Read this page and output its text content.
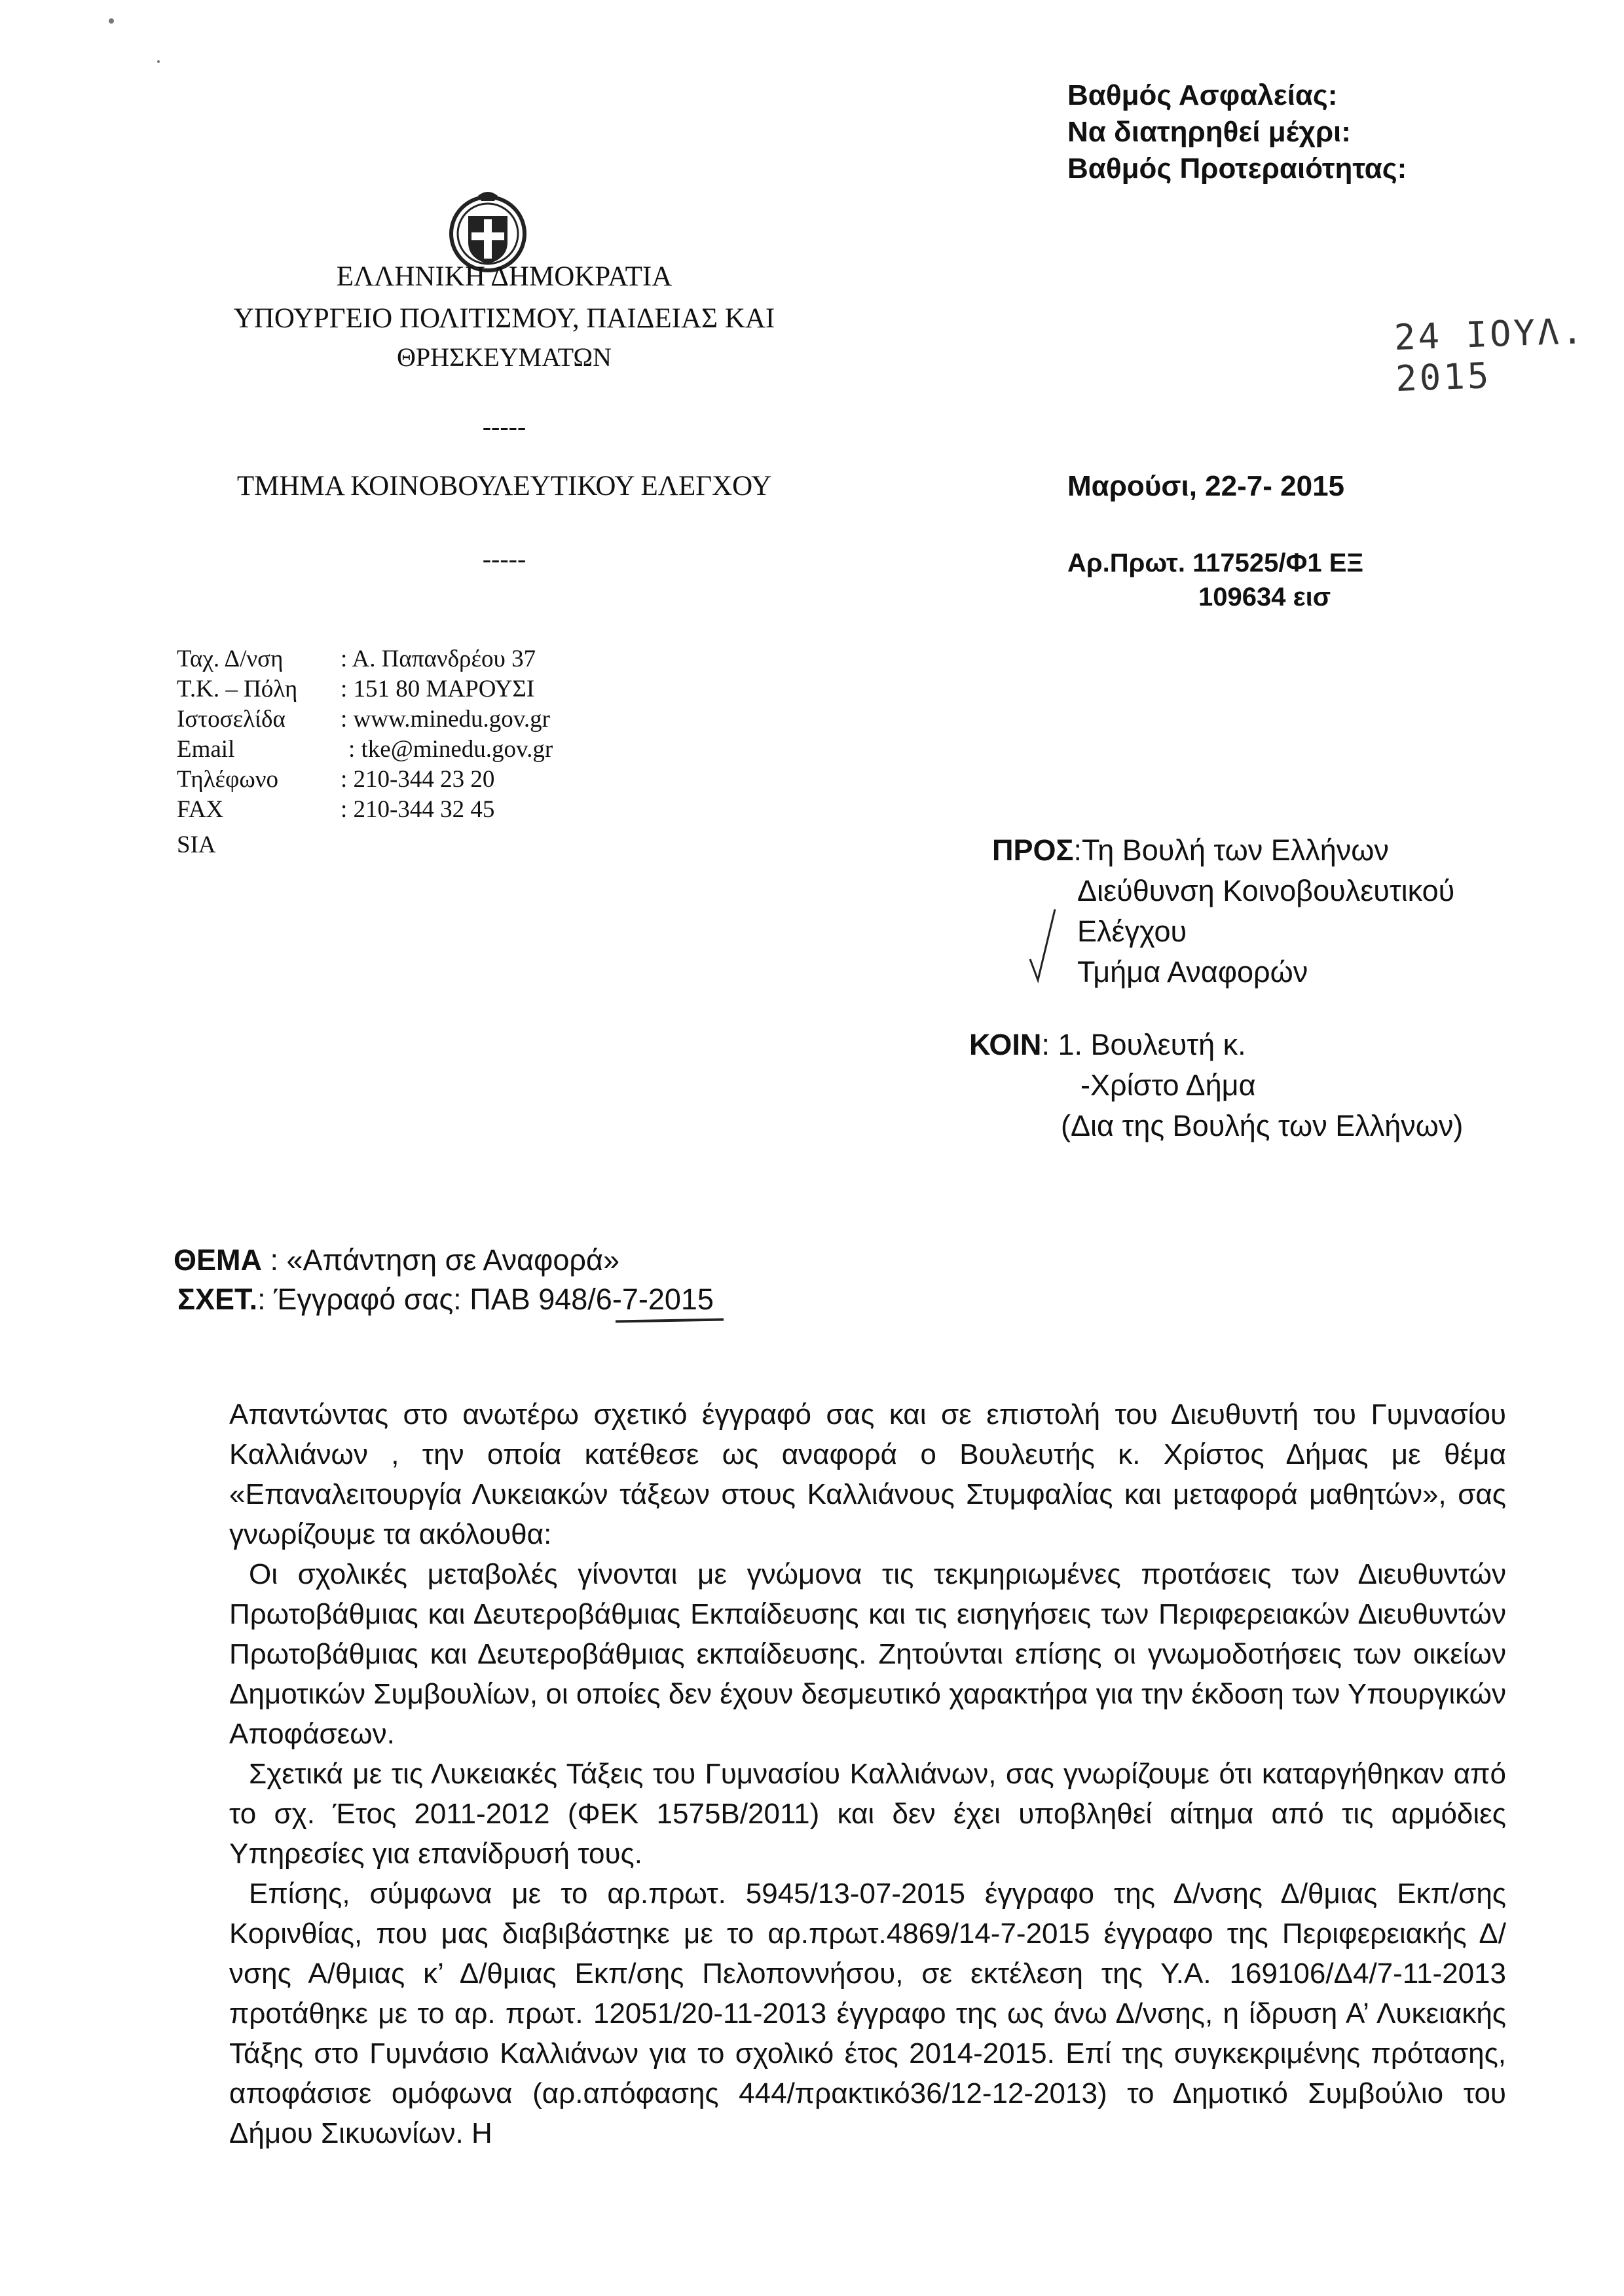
Βαθμός Ασφαλείας:
Να διατηρηθεί μέχρι:
Βαθμός Προτεραιότητας:
ΕΛΛΗΝΙΚΗ ΔΗΜΟΚΡΑΤΙΑ
ΥΠΟΥΡΓΕΙΟ ΠΟΛΙΤΙΣΜΟΥ, ΠΑΙΔΕΙΑΣ ΚΑΙ
ΘΡΗΣΚΕΥΜΑΤΩΝ
-----
ΤΜΗΜΑ ΚΟΙΝΟΒΟΥΛΕΥΤΙΚΟΥ ΕΛΕΓΧΟΥ
-----
24 ΙΟΥΛ. 2015
Μαρούσι, 22-7- 2015
Αρ.Πρωτ. 117525/Φ1 ΕΞ
109634 εισ
Ταχ. Δ/νση	: Α. Παπανδρέου 37
Τ.Κ. – Πόλη	: 151 80 ΜΑΡΟΥΣΙ
Ιστοσελίδα	: www.minedu.gov.gr
Email	: tke@minedu.gov.gr
Τηλέφωνο	: 210-344 23 20
FAX	: 210-344 32 45
SIA	ΠΡΟΣ:Τη Βουλή των Ελλήνων
Διεύθυνση Κοινοβουλευτικού
Ελέγχου
Τμήμα Αναφορών
ΚΟΙΝ: 1. Βουλευτή κ.
-Χρίστο Δήμα
(Δια της Βουλής των Ελλήνων)
ΘΕΜΑ : «Απάντηση σε Αναφορά»
ΣΧΕΤ.: Έγγραφό σας: ΠΑΒ 948/6-7-2015

Απαντώντας στο ανωτέρω σχετικό έγγραφό σας και σε επιστολή του Διευθυντή του Γυμνασίου Καλλιάνων , την οποία κατέθεσε ως αναφορά ο Βουλευτής κ. Χρίστος Δήμας με θέμα «Επαναλειτουργία Λυκειακών τάξεων στους Καλλιάνους Στυμφαλίας και μεταφορά μαθητών», σας γνωρίζουμε τα ακόλουθα:

Οι σχολικές μεταβολές γίνονται με γνώμονα τις τεκμηριωμένες προτάσεις των Διευθυντών Πρωτοβάθμιας και Δευτεροβάθμιας Εκπαίδευσης και τις εισηγήσεις των Περιφερειακών Διευθυντών Πρωτοβάθμιας και Δευτεροβάθμιας εκπαίδευσης. Ζητούνται επίσης οι γνωμοδοτήσεις των οικείων Δημοτικών Συμβουλίων, οι οποίες δεν έχουν δεσμευτικό χαρακτήρα για την έκδοση των Υπουργικών Αποφάσεων.

Σχετικά με τις Λυκειακές Τάξεις του Γυμνασίου Καλλιάνων, σας γνωρίζουμε ότι καταργήθηκαν από το σχ. Έτος 2011-2012 (ΦΕΚ 1575Β/2011) και δεν έχει υποβληθεί αίτημα από τις αρμόδιες Υπηρεσίες για επανίδρυσή τους.

Επίσης, σύμφωνα με το αρ.πρωτ. 5945/13-07-2015 έγγραφο της Δ/νσης Δ/θμιας Εκπ/σης Κορινθίας, που μας διαβιβάστηκε με το αρ.πρωτ.4869/14-7-2015 έγγραφο της Περιφερειακής Δ/νσης Α/θμιας κ’ Δ/θμιας Εκπ/σης Πελοποννήσου, σε εκτέλεση της Υ.Α. 169106/Δ4/7-11-2013 προτάθηκε με το αρ. πρωτ. 12051/20-11-2013 έγγραφο της ως άνω Δ/νσης, η ίδρυση Α’ Λυκειακής Τάξης στο Γυμνάσιο Καλλιάνων για το σχολικό έτος 2014-2015. Επί της συγκεκριμένης πρότασης, αποφάσισε ομόφωνα (αρ.απόφασης 444/πρακτικό36/12-12-2013) το Δημοτικό Συμβούλιο του Δήμου Σικυωνίων. Η
